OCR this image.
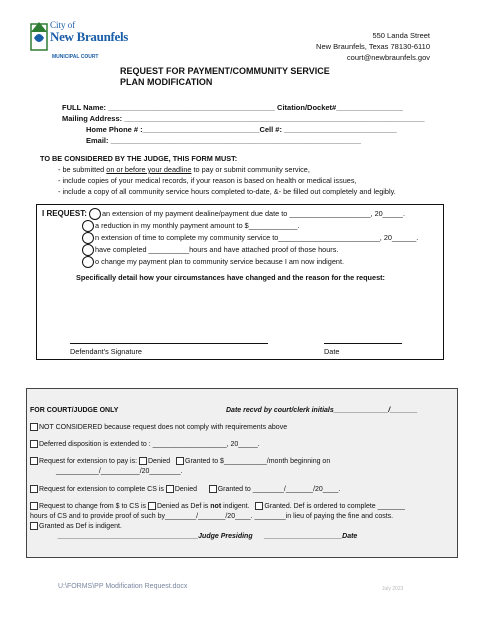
City of
New Braunfels
MUNICIPAL COURT
550 Landa Street
New Braunfels, Texas 78130-6110
court@newbraunfels.gov
REQUEST FOR PAYMENT/COMMUNITY SERVICE
PLAN MODIFICATION
FULL Name: ________________________________________ Citation/Docket#________________
Mailing Address: ________________________________________________________________________
Home Phone # :____________________________Cell #: ___________________________
Email: ____________________________________________________________
TO BE CONSIDERED BY THE JUDGE, THIS FORM MUST:
- be submitted on or before your deadline to pay or submit community service,
- include copies of your medical records, if your reason is based on health or medical issues,
- include a copy of all community service hours completed to-date, &- be filled out completely and legibly.
I REQUEST: an extension of my payment dealine/payment due date to ____________________, 20_____.
a reduction in my monthly payment amount to $____________.
n extension of time to complete my community service to_________________________, 20______.
have completed __________hours and have attached proof of those hours.
o change my payment plan to community service because I am now indigent.
Specifically detail how your circumstances have changed and the reason for the request:
Defendant's Signature	Date
FOR COURT/JUDGE ONLY	Date recvd by court/clerk initials______________/_______
NOT CONSIDERED because request does not comply with requirements above
Deferred disposition is extended to : ___________________, 20_____.
Request for extension to pay is: Denied Granted to $___________/month beginning on
___________/__________/20________.
Request for extension to complete CS is Denied	Granted to ________/_______/20____.
Request to change from $ to CS is Denied as Def is not indigent. Granted. Def is ordered to complete _______
hours of CS and to provide proof of such by________/_______/20____. ________in lieu of paying the fine and costs.
Granted as Def is indigent.
____________________________________Judge Presiding ____________________Date
U:\FORMS\PP Modification Request.docx	July 2023
